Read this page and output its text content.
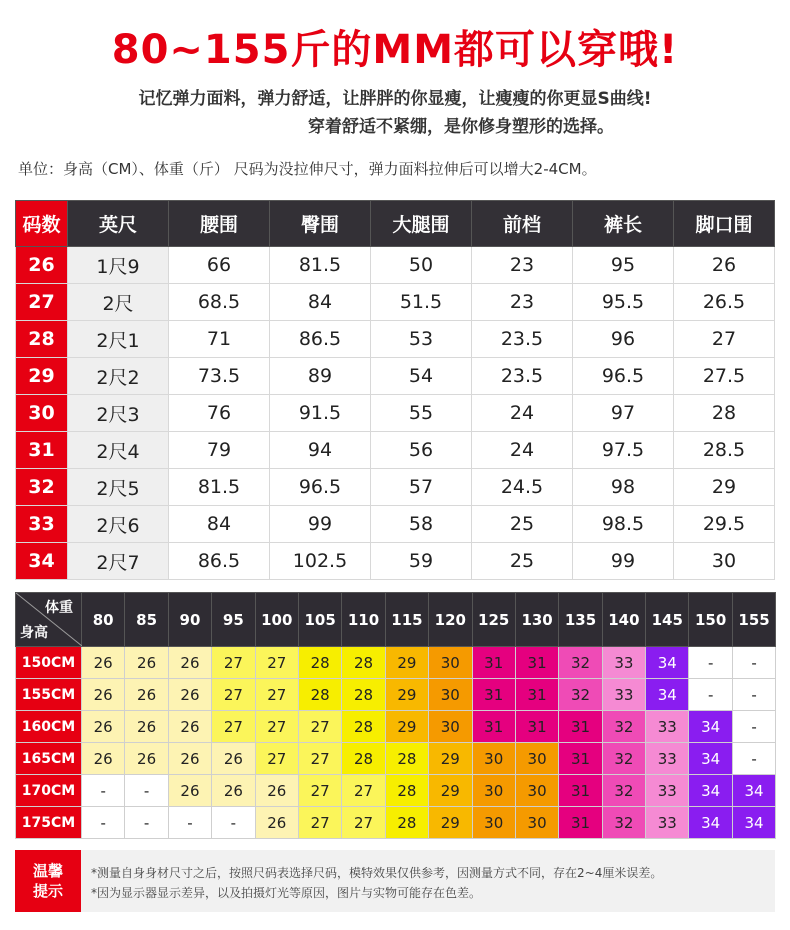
80~155斤的MM都可以穿哦!
记忆弹力面料，弹力舒适，让胖胖的你显瘦，让瘦瘦的你更显S曲线!
穿着舒适不紧绷，是你修身塑形的选择。
单位：身高（CM）、体重（斤） 尺码为没拉伸尺寸，弹力面料拉伸后可以增大2-4CM。
码数	英尺	腰围	臀围	大腿围	前档	裤长	脚口围
26	1尺9	66	81.5	50	23	95	26
27	2尺	68.5	84	51.5	23	95.5	26.5
28	2尺1	71	86.5	53	23.5	96	27
29	2尺2	73.5	89	54	23.5	96.5	27.5
30	2尺3	76	91.5	55	24	97	28
31	2尺4	79	94	56	24	97.5	28.5
32	2尺5	81.5	96.5	57	24.5	98	29
33	2尺6	84	99	58	25	98.5	29.5
34	2尺7	86.5	102.5	59	25	99	30
体重
身高	80	85	90	95	100	105	110	115	120	125	130	135	140	145	150	155
150CM	26	26	26	27	27	28	28	29	30	31	31	32	33	34	-	-
155CM	26	26	26	27	27	28	28	29	30	31	31	32	33	34	-	-
160CM	26	26	26	27	27	27	28	29	30	31	31	31	32	33	34	-
165CM	26	26	26	26	27	27	28	28	29	30	30	31	32	33	34	-
170CM	-	-	26	26	26	27	27	28	29	30	30	31	32	33	34	34
175CM	-	-	-	-	26	27	27	28	29	30	30	31	32	33	34	34
温馨
提示
*测量自身身材尺寸之后，按照尺码表选择尺码，模特效果仅供参考，因测量方式不同，存在2~4厘米误差。
*因为显示器显示差异，以及拍摄灯光等原因，图片与实物可能存在色差。
